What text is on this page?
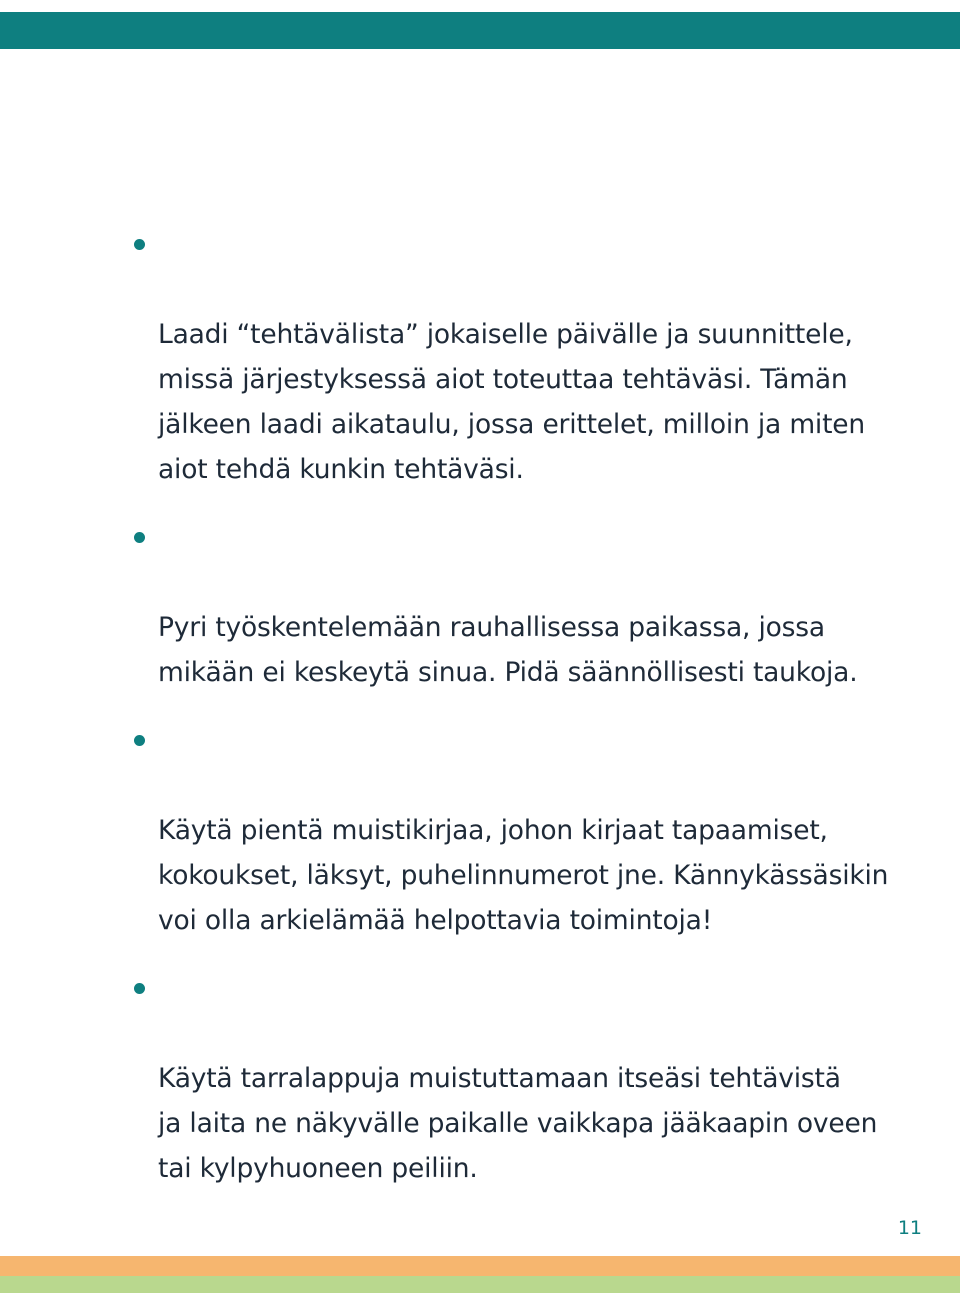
Laadi “tehtävälista” jokaiselle päivälle ja suunnittele,
missä järjestyksessä aiot toteuttaa tehtäväsi. Tämän
jälkeen laadi aikataulu, jossa erittelet, milloin ja miten
aiot tehdä kunkin tehtäväsi.

Pyri työskentelemään rauhallisessa paikassa, jossa
mikään ei keskeytä sinua. Pidä säännöllisesti taukoja.

Käytä pientä muistikirjaa, johon kirjaat tapaamiset,
kokoukset, läksyt, puhelinnumerot jne. Kännykässäsikin
voi olla arkielämää helpottavia toimintoja!

Käytä tarralappuja muistuttamaan itseäsi tehtävistä
ja laita ne näkyvälle paikalle vaikkapa jääkaapin oveen
tai kylpyhuoneen peiliin.

11
